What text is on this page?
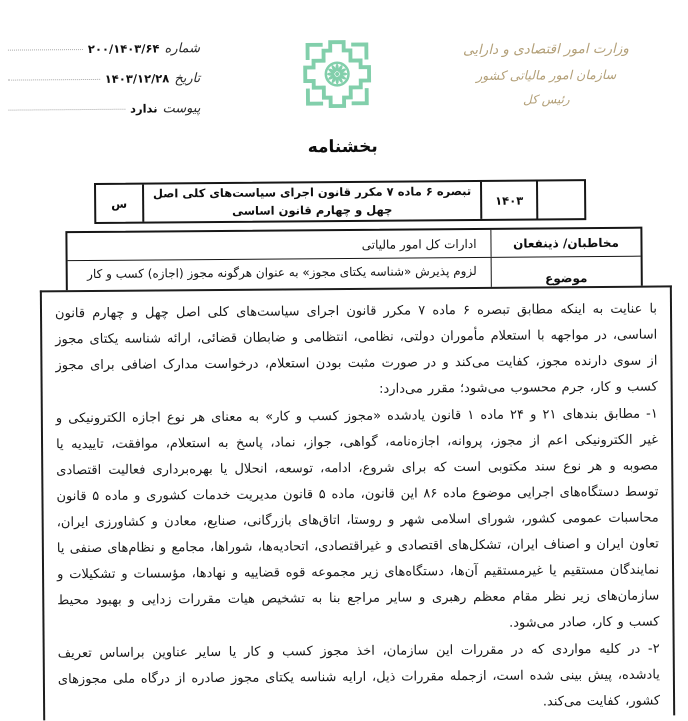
شماره
۲۰۰/۱۴۰۳/۶۴
تاریخ
۱۴۰۳/۱۲/۲۸
پیوست
ندارد
وزارت امور اقتصادی و دارایی
سازمان امور مالیاتی کشور
رئیس کل
بخشنامه
۱۴۰۳
تبصره ۶ ماده ۷ مکرر قانون اجرای سیاست‌های کلی اصل چهل و چهارم قانون اساسی
س
مخاطبان/ ذینفعان
ادارات کل امور مالیاتی
موضوع
لزوم پذیرش «شناسه یکتای مجوز» به عنوان هرگونه مجوز (اجازه) کسب و کار

با عنایت به اینکه مطابق تبصره ۶ ماده ۷ مکرر قانون اجرای سیاست‌های کلی اصل چهل و چهارم قانون اساسی، در مواجهه با استعلام مأموران دولتی، نظامی، انتظامی و ضابطان قضائی، ارائه شناسه یکتای مجوز از سوی دارنده مجوز، کفایت می‌کند و در صورت مثبت بودن استعلام، درخواست مدارک اضافی برای مجوز کسب و کار، جرم محسوب می‌شود؛ مقرر می‌دارد:

۱- مطابق بندهای ۲۱ و ۲۴ ماده ۱ قانون یادشده «مجوز کسب و کار» به معنای هر نوع اجازه الکترونیکی و غیر الکترونیکی اعم از مجوز، پروانه، اجازه‌نامه، گواهی، جواز، نماد، پاسخ به استعلام، موافقت، تاییدیه یا مصوبه و هر نوع سند مکتوبی است که برای شروع، ادامه، توسعه، انحلال یا بهره‌برداری فعالیت اقتصادی توسط دستگاه‌های اجرایی موضوع ماده ۸۶ این قانون، ماده ۵ قانون مدیریت خدمات کشوری و ماده ۵ قانون محاسبات عمومی کشور، شورای اسلامی شهر و روستا، اتاق‌های بازرگانی، صنایع، معادن و کشاورزی ایران، تعاون ایران و اصناف ایران، تشکل‌های اقتصادی و غیراقتصادی، اتحادیه‌ها، شوراها، مجامع و نظام‌های صنفی یا نمایندگان مستقیم یا غیرمستقیم آن‌ها، دستگاه‌های زیر مجموعه قوه قضاییه و نهادها، مؤسسات و تشکیلات و سازمان‌های زیر نظر مقام معظم رهبری و سایر مراجع بنا به تشخیص هیات مقررات زدایی و بهبود محیط کسب و کار، صادر می‌شود.

۲- در کلیه مواردی که در مقررات این سازمان، اخذ مجوز کسب و کار یا سایر عناوین براساس تعریف یادشده، پیش بینی شده است، ازجمله مقررات ذیل، ارایه شناسه یکتای مجوز صادره از درگاه ملی مجوزهای کشور، کفایت می‌کند.
